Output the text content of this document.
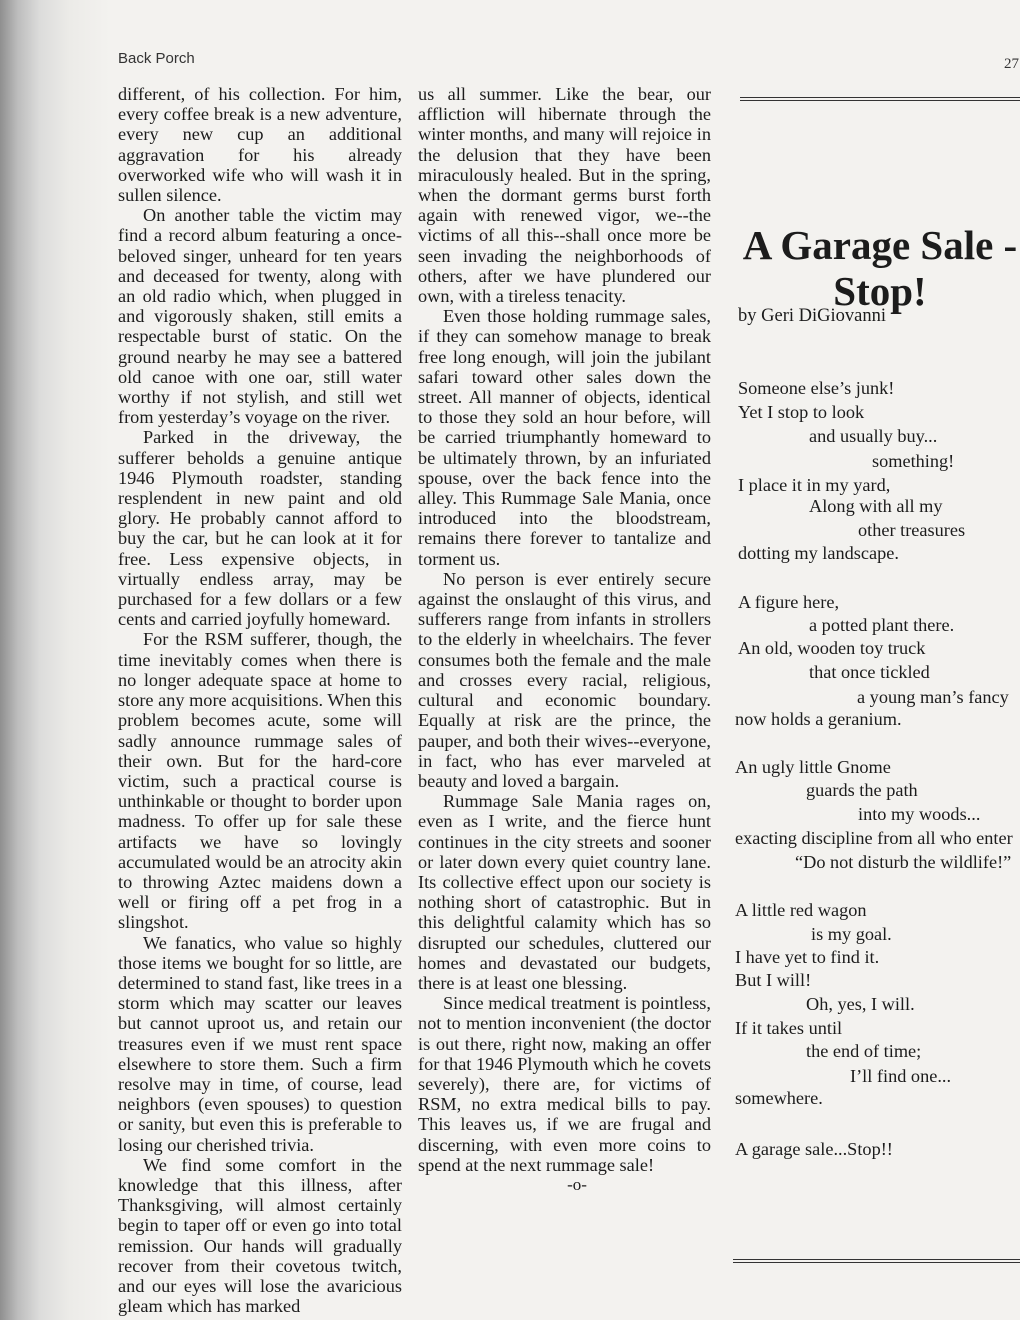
Back Porch	27

different, of his collection. For him, every coffee break is a new adventure, every new cup an additional aggravation for his already overworked wife who will wash it in sullen silence.

On another table the victim may find a record album featuring a once-beloved singer, unheard for ten years and deceased for twenty, along with an old radio which, when plugged in and vigorously shaken, still emits a respectable burst of static. On the ground nearby he may see a battered old canoe with one oar, still water worthy if not stylish, and still wet from yesterday’s voyage on the river.

Parked in the driveway, the sufferer beholds a genuine antique 1946 Plymouth roadster, standing resplendent in new paint and old glory. He probably cannot afford to buy the car, but he can look at it for free. Less expensive objects, in virtually endless array, may be purchased for a few dollars or a few cents and carried joyfully homeward.

For the RSM sufferer, though, the time inevitably comes when there is no longer adequate space at home to store any more acquisitions. When this problem becomes acute, some will sadly announce rummage sales of their own. But for the hard-core victim, such a practical course is unthinkable or thought to border upon madness. To offer up for sale these artifacts we have so lovingly accumulated would be an atrocity akin to throwing Aztec maidens down a well or firing off a pet frog in a slingshot.

We fanatics, who value so highly those items we bought for so little, are determined to stand fast, like trees in a storm which may scatter our leaves but cannot uproot us, and retain our treasures even if we must rent space elsewhere to store them. Such a firm resolve may in time, of course, lead neighbors (even spouses) to question or sanity, but even this is preferable to losing our cherished trivia.

We find some comfort in the knowledge that this illness, after Thanksgiving, will almost certainly begin to taper off or even go into total remission. Our hands will gradually recover from their covetous twitch, and our eyes will lose the avaricious gleam which has marked

us all summer. Like the bear, our affliction will hibernate through the winter months, and many will rejoice in the delusion that they have been miraculously healed. But in the spring, when the dormant germs burst forth again with renewed vigor, we--the victims of all this--shall once more be seen invading the neighborhoods of others, after we have plundered our own, with a tireless tenacity.

Even those holding rummage sales, if they can somehow manage to break free long enough, will join the jubilant safari toward other sales down the street. All manner of objects, identical to those they sold an hour before, will be carried triumphantly homeward to be ultimately thrown, by an infuriated spouse, over the back fence into the alley. This Rummage Sale Mania, once introduced into the bloodstream, remains there forever to tantalize and torment us.

No person is ever entirely secure against the onslaught of this virus, and sufferers range from infants in strollers to the elderly in wheelchairs. The fever consumes both the female and the male and crosses every racial, religious, cultural and economic boundary. Equally at risk are the prince, the pauper, and both their wives--everyone, in fact, who has ever marveled at beauty and loved a bargain.

Rummage Sale Mania rages on, even as I write, and the fierce hunt continues in the city streets and sooner or later down every quiet country lane. Its collective effect upon our society is nothing short of catastrophic. But in this delightful calamity which has so disrupted our schedules, cluttered our homes and devastated our budgets, there is at least one blessing.

Since medical treatment is pointless, not to mention inconvenient (the doctor is out there, right now, making an offer for that 1946 Plymouth which he covets severely), there are, for victims of RSM, no extra medical bills to pay. This leaves us, if we are frugal and discerning, with even more coins to spend at the next rummage sale!

-o-

A Garage Sale - Stop!
by Geri DiGiovanni
Someone else’s junk!
Yet I stop to look
and usually buy...
something!
I place it in my yard,
Along with all my
other treasures
dotting my landscape.
A figure here,
a potted plant there.
An old, wooden toy truck
that once tickled
a young man’s fancy
now holds a geranium.
An ugly little Gnome
guards the path
into my woods...
exacting discipline from all who enter
“Do not disturb the wildlife!”
A little red wagon
is my goal.
I have yet to find it.
But I will!
Oh, yes, I will.
If it takes until
the end of time;
I’ll find one...
somewhere.
A garage sale...Stop!!
